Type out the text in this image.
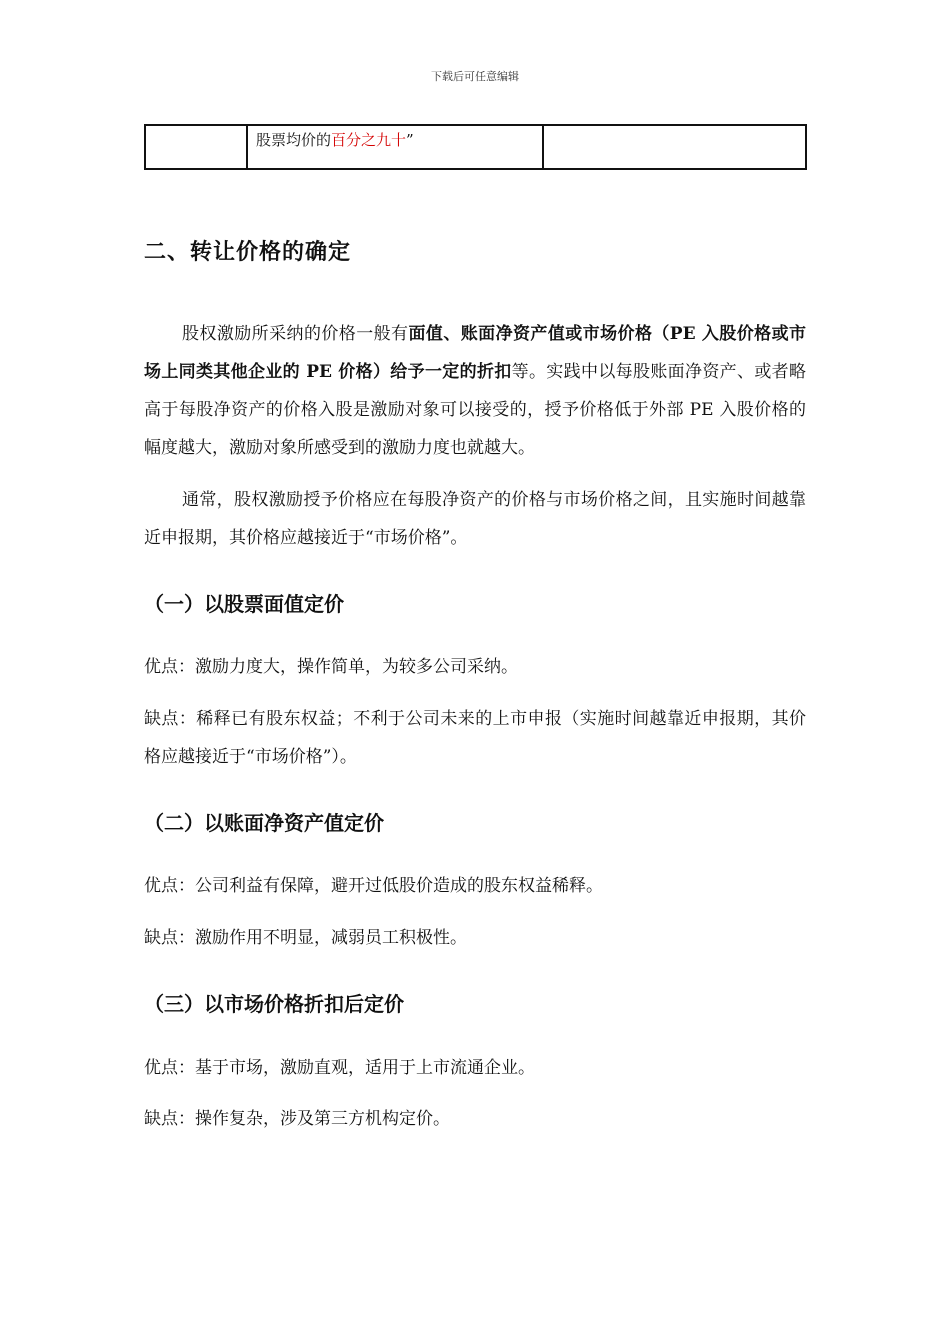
下载后可任意编辑
	股票均价的百分之九十”	
二、转让价格的确定
股权激励所采纳的价格一般有面值、账面净资产值或市场价格（PE 入股价格或市场上同类其他企业的 PE 价格）给予一定的折扣等。实践中以每股账面净资产、或者略高于每股净资产的价格入股是激励对象可以接受的，授予价格低于外部 PE 入股价格的幅度越大，激励对象所感受到的激励力度也就越大。
通常，股权激励授予价格应在每股净资产的价格与市场价格之间，且实施时间越靠近申报期，其价格应越接近于“市场价格”。
（一）以股票面值定价
优点：激励力度大，操作简单，为较多公司采纳。
缺点：稀释已有股东权益；不利于公司未来的上市申报（实施时间越靠近申报期，其价格应越接近于“市场价格”）。
（二）以账面净资产值定价
优点：公司利益有保障，避开过低股价造成的股东权益稀释。
缺点：激励作用不明显，减弱员工积极性。
（三）以市场价格折扣后定价
优点：基于市场，激励直观，适用于上市流通企业。
缺点：操作复杂，涉及第三方机构定价。
